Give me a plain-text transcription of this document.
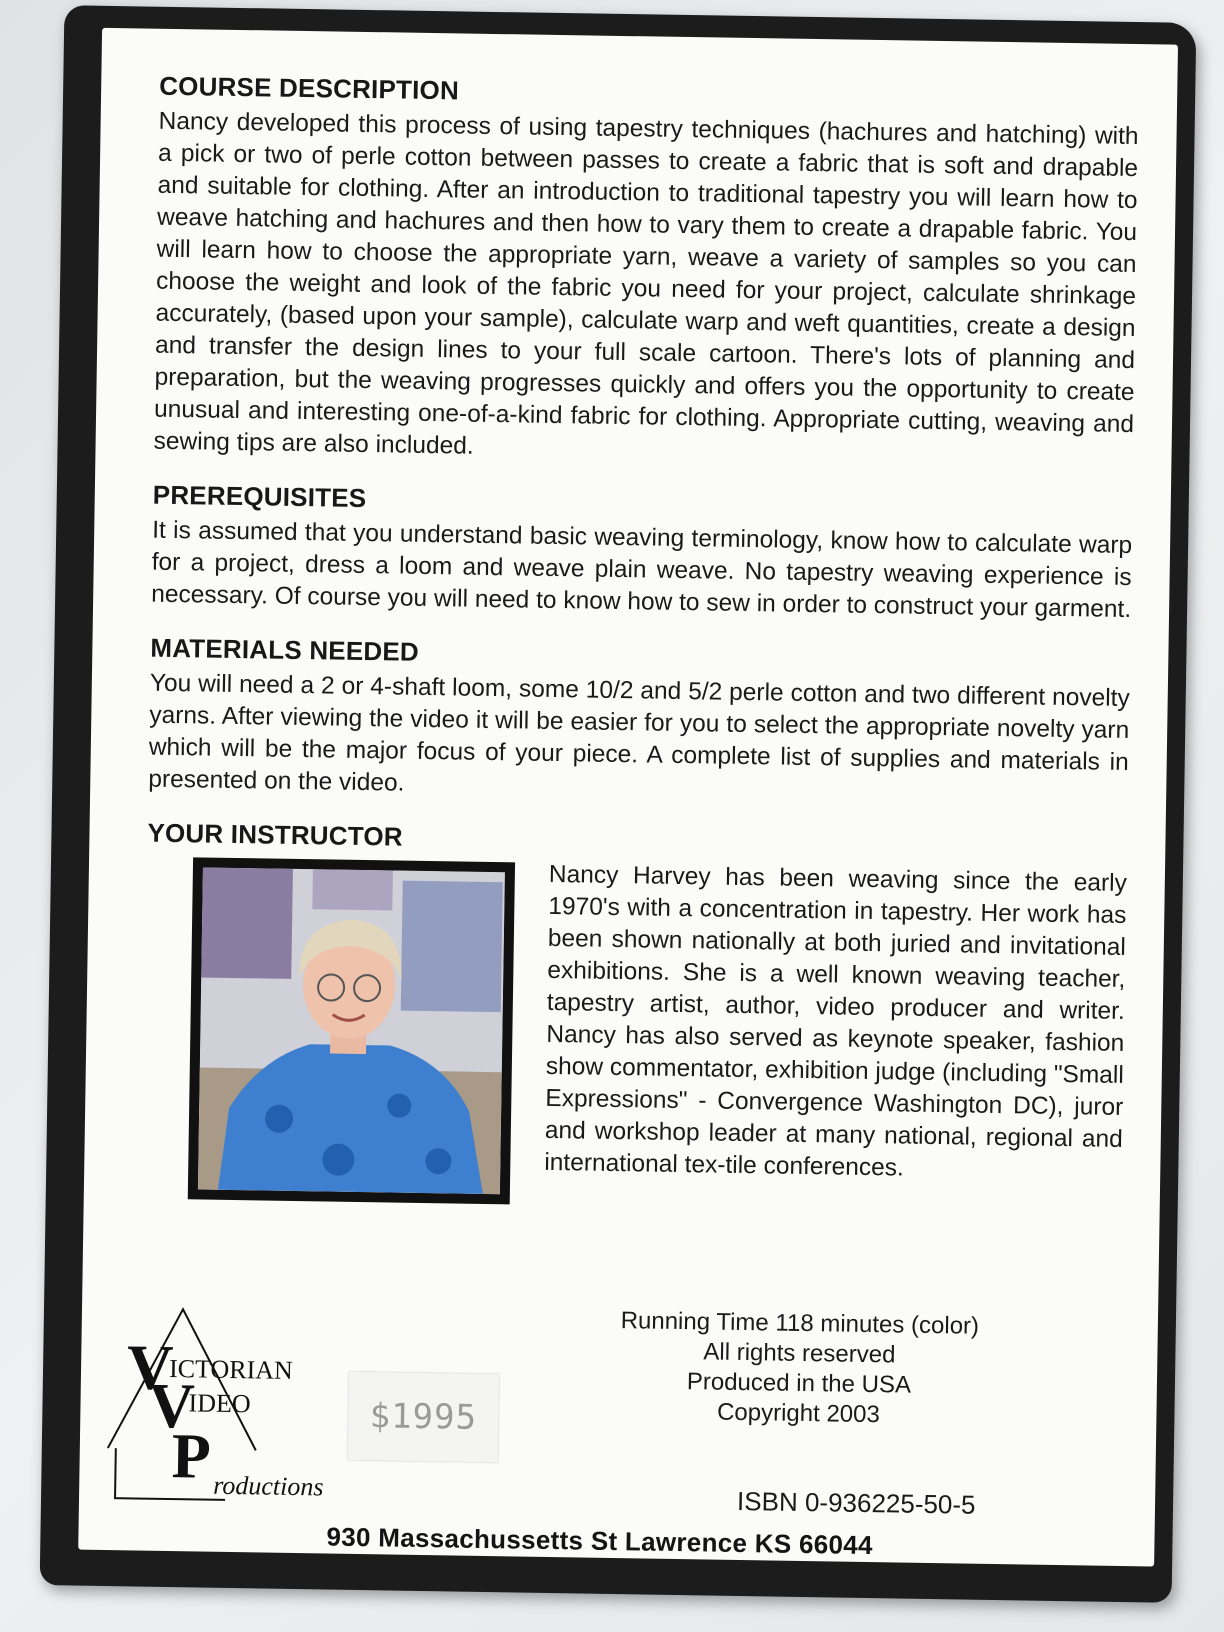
COURSE DESCRIPTION

Nancy developed this process of using tapestry techniques (hachures and hatching) with a pick or two of perle cotton between passes to create a fabric that is soft and drapable and suitable for clothing. After an introduction to traditional tapestry you will learn how to weave hatching and hachures and then how to vary them to create a drapable fabric. You will learn how to choose the appropriate yarn, weave a variety of samples so you can choose the weight and look of the fabric you need for your project, calculate shrinkage accurately, (based upon your sample), calculate warp and weft quantities, create a design and transfer the design lines to your full scale cartoon. There's lots of planning and preparation, but the weaving progresses quickly and offers you the opportunity to create unusual and interesting one-of-a-kind fabric for clothing. Appropriate cutting, weaving and sewing tips are also included.

PREREQUISITES

It is assumed that you understand basic weaving terminology, know how to calculate warp for a project, dress a loom and weave plain weave. No tapestry weaving experience is necessary. Of course you will need to know how to sew in order to construct your garment.

MATERIALS NEEDED

You will need a 2 or 4-shaft loom, some 10/2 and 5/2 perle cotton and two different novelty yarns. After viewing the video it will be easier for you to select the appropriate novelty yarn which will be the major focus of your piece. A complete list of supplies and materials in presented on the video.

YOUR INSTRUCTOR

Nancy Harvey has been weaving since the early 1970's with a concentration in tapestry. Her work has been shown nationally at both juried and invitational exhibitions. She is a well known weaving teacher, tapestry artist, author, video producer and writer. Nancy has also served as keynote speaker, fashion show commentator, exhibition judge (including "Small Expressions" - Convergence Washington DC), juror and workshop leader at many national, regional and international tex-tile conferences.

V
ICTORIAN
V
IDEO
P roductions
$1995
Running Time 118 minutes (color)
All rights reserved
Produced in the USA
Copyright 2003
ISBN 0-936225-50-5
930 Massachussetts St Lawrence KS 66044
